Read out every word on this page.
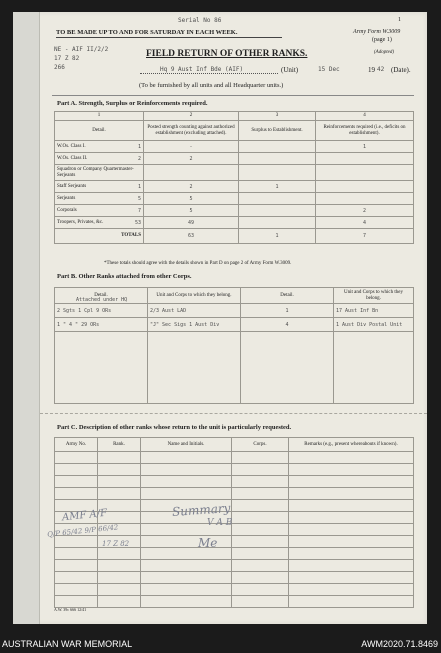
TO BE MADE UP TO AND FOR SATURDAY IN EACH WEEK.
Serial No 86	1
Army Form W.3009
(page 1)
(Adopted)
NE - AIF II/2/2
17 Z 82
266
FIELD RETURN OF OTHER RANKS.
Hq 9 Aust Inf Bde (AIF)	(Unit)	15 Dec	19 42 (Date).
(To be furnished by all units and all Headquarter units.)
Part A. Strength, Surplus or Reinforcements required.
1	2	3	4
Detail.	Posted strength counting against authorized establishment (excluding attached).	Surplus to Establishment.	Reinforcements required (i.e., deficits on establishment).
W.Os. Class I. 1	-		1
W.Os. Class II. 2	2		
Squadron or Company Quartermaster-Serjeants

Staff Serjeants 1	2	1	
Serjeants 5	5		
Corporals 7	5		2
Troopers, Privates, &c. 53	49		4
TOTALS	63	1	7
*These totals should agree with the details shown in Part D on page 2 of Army Form W.3009.
Part B. Other Ranks attached from other Corps.
Detail.	Unit and Corps to which they belong.	Detail.	Unit and Corps to which they belong.
2 Sgts 1 Cpl 9 ORs	2/3 Aust LAD	1	17 Aust Inf Bn
1 " 4 " 29 ORs	"J" Sec Sigs 1 Aust Div	4	1 Aust Div Postal Unit

Attached under HQ
Part C. Description of other ranks whose return to the unit is particularly requested.
Army No.	Rank.	Name and Initials.	Corps.	Remarks (e.g., present whereabouts if known).

AMF A/F
Q/P 65/42 9/P 66/42
17 Z 82
Summary
V A B
Me
A.W. 39c 666 12/41
AUSTRALIAN WAR MEMORIAL	AWM2020.71.8469
